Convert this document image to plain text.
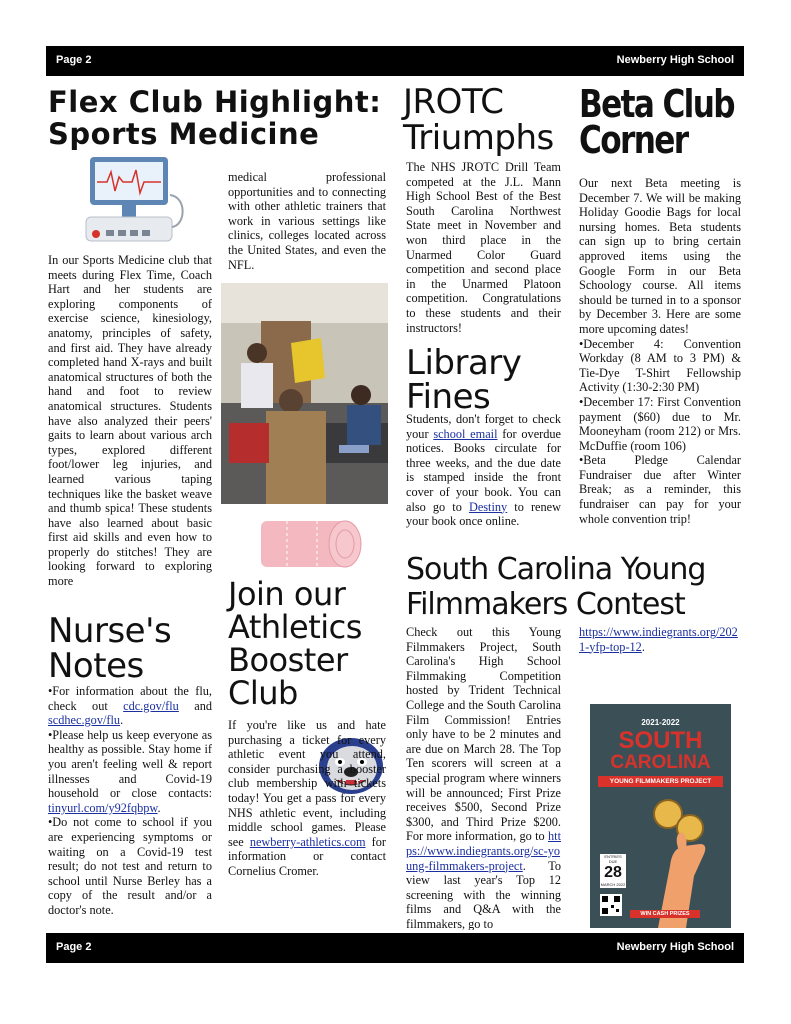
Page 2	Newberry High School
Flex Club Highlight:
Sports Medicine
In our Sports Medicine club that meets during Flex Time, Coach Hart and her students are exploring components of exercise science, kinesiology, anatomy, principles of safety, and first aid. They have already completed hand X-rays and built anatomical structures of both the hand and foot to review anatomical structures. Students have also analyzed their peers' gaits to learn about various arch types, explored different foot/lower leg injuries, and learned various taping techniques like the basket weave and thumb spica! These students have also learned about basic first aid skills and even how to properly do stitches! They are looking forward to exploring more
medical professional opportunities and to connecting with other athletic trainers that work in various settings like clinics, colleges located across the United States, and even the NFL.
Nurse's
Notes

•For information about the flu, check out cdc.gov/flu and scdhec.gov/flu.

•Please help us keep everyone as healthy as possible. Stay home if you aren't feeling well & report illnesses and Covid-19 household or close contacts: tinyurl.com/y92fqbpw.

•Do not come to school if you are experiencing symptoms or waiting on a Covid-19 test result; do not test and return to school until Nurse Berley has a copy of the result and/or a doctor's note.

Join our
Athletics
Booster
Club
If you're like us and hate purchasing a ticket for every athletic event you attend, consider purchasing a booster club membership with tickets today! You get a pass for every NHS athletic event, including middle school games. Please see newberry-athletics.com for information or contact Cornelius Cromer.
JROTC
Triumphs
The NHS JROTC Drill Team competed at the J.L. Mann High School Best of the Best South Carolina Northwest State meet in November and won third place in the Unarmed Color Guard competition and second place in the Unarmed Platoon competition. Congratulations to these students and their instructors!
Library
Fines
Students, don't forget to check your school email for overdue notices. Books circulate for three weeks, and the due date is stamped inside the front cover of your book. You can also go to Destiny to renew your book once online.
Beta Club
Corner

Our next Beta meeting is December 7. We will be making Holiday Goodie Bags for local nursing homes. Beta students can sign up to bring certain approved items using the Google Form in our Beta Schoology course. All items should be turned in to a sponsor by December 3. Here are some more upcoming dates!

•December 4: Convention Workday (8 AM to 3 PM) & Tie-Dye T-Shirt Fellowship Activity (1:30-2:30 PM)

•December 17: First Convention payment ($60) due to Mr. Mooneyham (room 212) or Mrs. McDuffie (room 106)

•Beta Pledge Calendar Fundraiser due after Winter Break; as a reminder, this fundraiser can pay for your whole convention trip!

South Carolina Young
Filmmakers Contest
Check out this Young Filmmakers Project, South Carolina's High School Filmmaking Competition hosted by Trident Technical College and the South Carolina Film Commission! Entries only have to be 2 minutes and are due on March 28. The Top Ten scorers will screen at a special program where winners will be announced; First Prize receives $500, Second Prize $300, and Third Prize $200. For more information, go to https://www.indiegrants.org/sc-young-filmmakers-project. To view last year's Top 12 screening with the winning films and Q&A with the filmmakers, go to
https://www.indiegrants.org/2021-yfp-top-12.
2021-2022
SOUTH
CAROLINA
YOUNG FILMMAKERS PROJECT
ENTRIES DUE
28
MARCH 2022
WIN CASH PRIZES
Page 2	Newberry High School
